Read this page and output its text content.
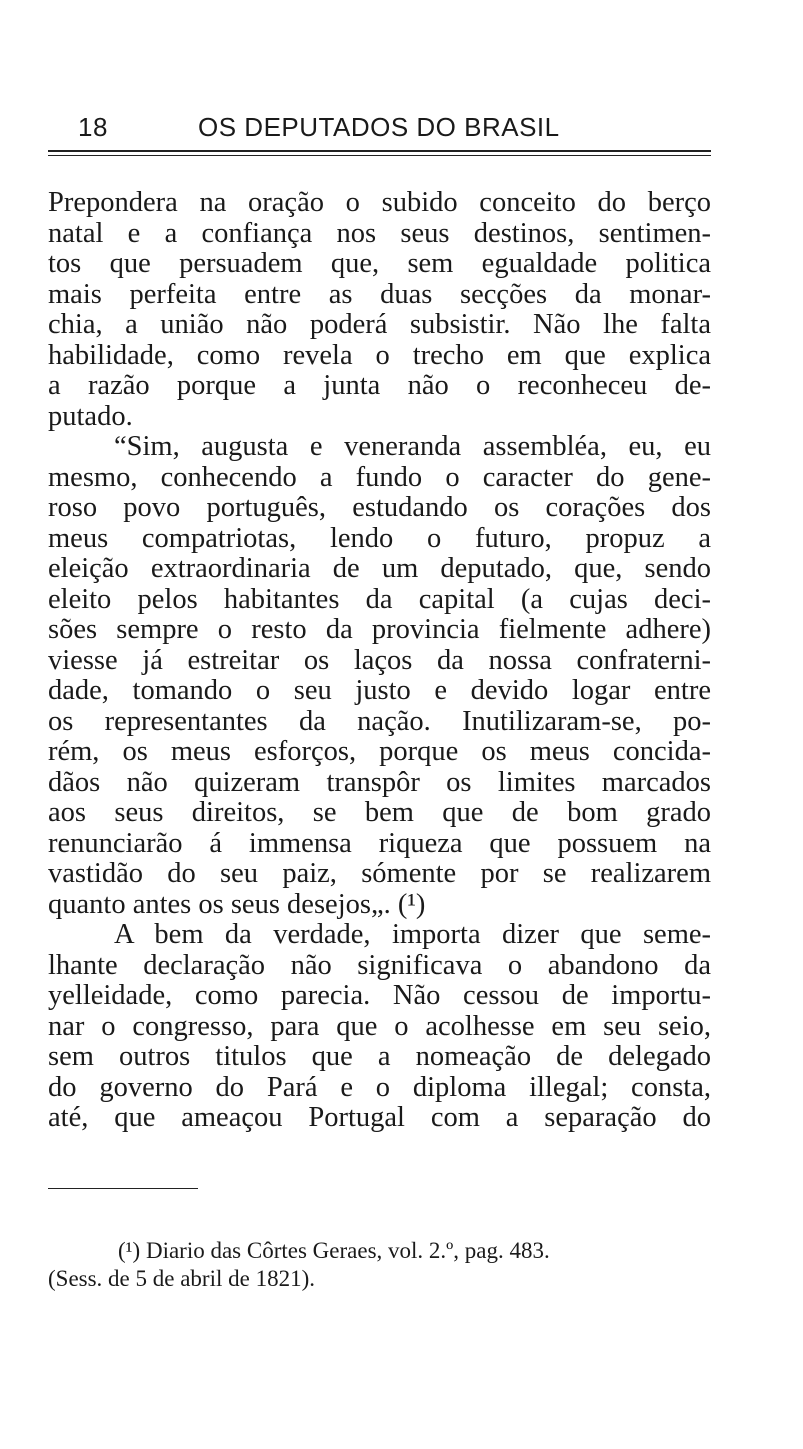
18	OS DEPUTADOS DO BRASIL
Prepondera na oração o subido conceito do berço
natal e a confiança nos seus destinos, sentimen-
tos que persuadem que, sem egualdade politica
mais perfeita entre as duas secções da monar-
chia, a união não poderá subsistir. Não lhe falta
habilidade, como revela o trecho em que explica
a razão porque a junta não o reconheceu de-
putado.
“Sim, augusta e veneranda assembléa, eu, eu
mesmo, conhecendo a fundo o caracter do gene-
roso povo português, estudando os corações dos
meus compatriotas, lendo o futuro, propuz a
eleição extraordinaria de um deputado, que, sendo
eleito pelos habitantes da capital (a cujas deci-
sões sempre o resto da provincia fielmente adhere)
viesse já estreitar os laços da nossa confraterni-
dade, tomando o seu justo e devido logar entre
os representantes da nação. Inutilizaram-se, po-
rém, os meus esforços, porque os meus concida-
dãos não quizeram transpôr os limites marcados
aos seus direitos, se bem que de bom grado
renunciarão á immensa riqueza que possuem na
vastidão do seu paiz, sómente por se realizarem
quanto antes os seus desejos„. (¹)
A bem da verdade, importa dizer que seme-
lhante declaração não significava o abandono da
yelleidade, como parecia. Não cessou de importu-
nar o congresso, para que o acolhesse em seu seio,
sem outros titulos que a nomeação de delegado
do governo do Pará e o diploma illegal; consta,
até, que ameaçou Portugal com a separação do
(¹) Diario das Côrtes Geraes, vol. 2.º, pag. 483.
(Sess. de 5 de abril de 1821).
